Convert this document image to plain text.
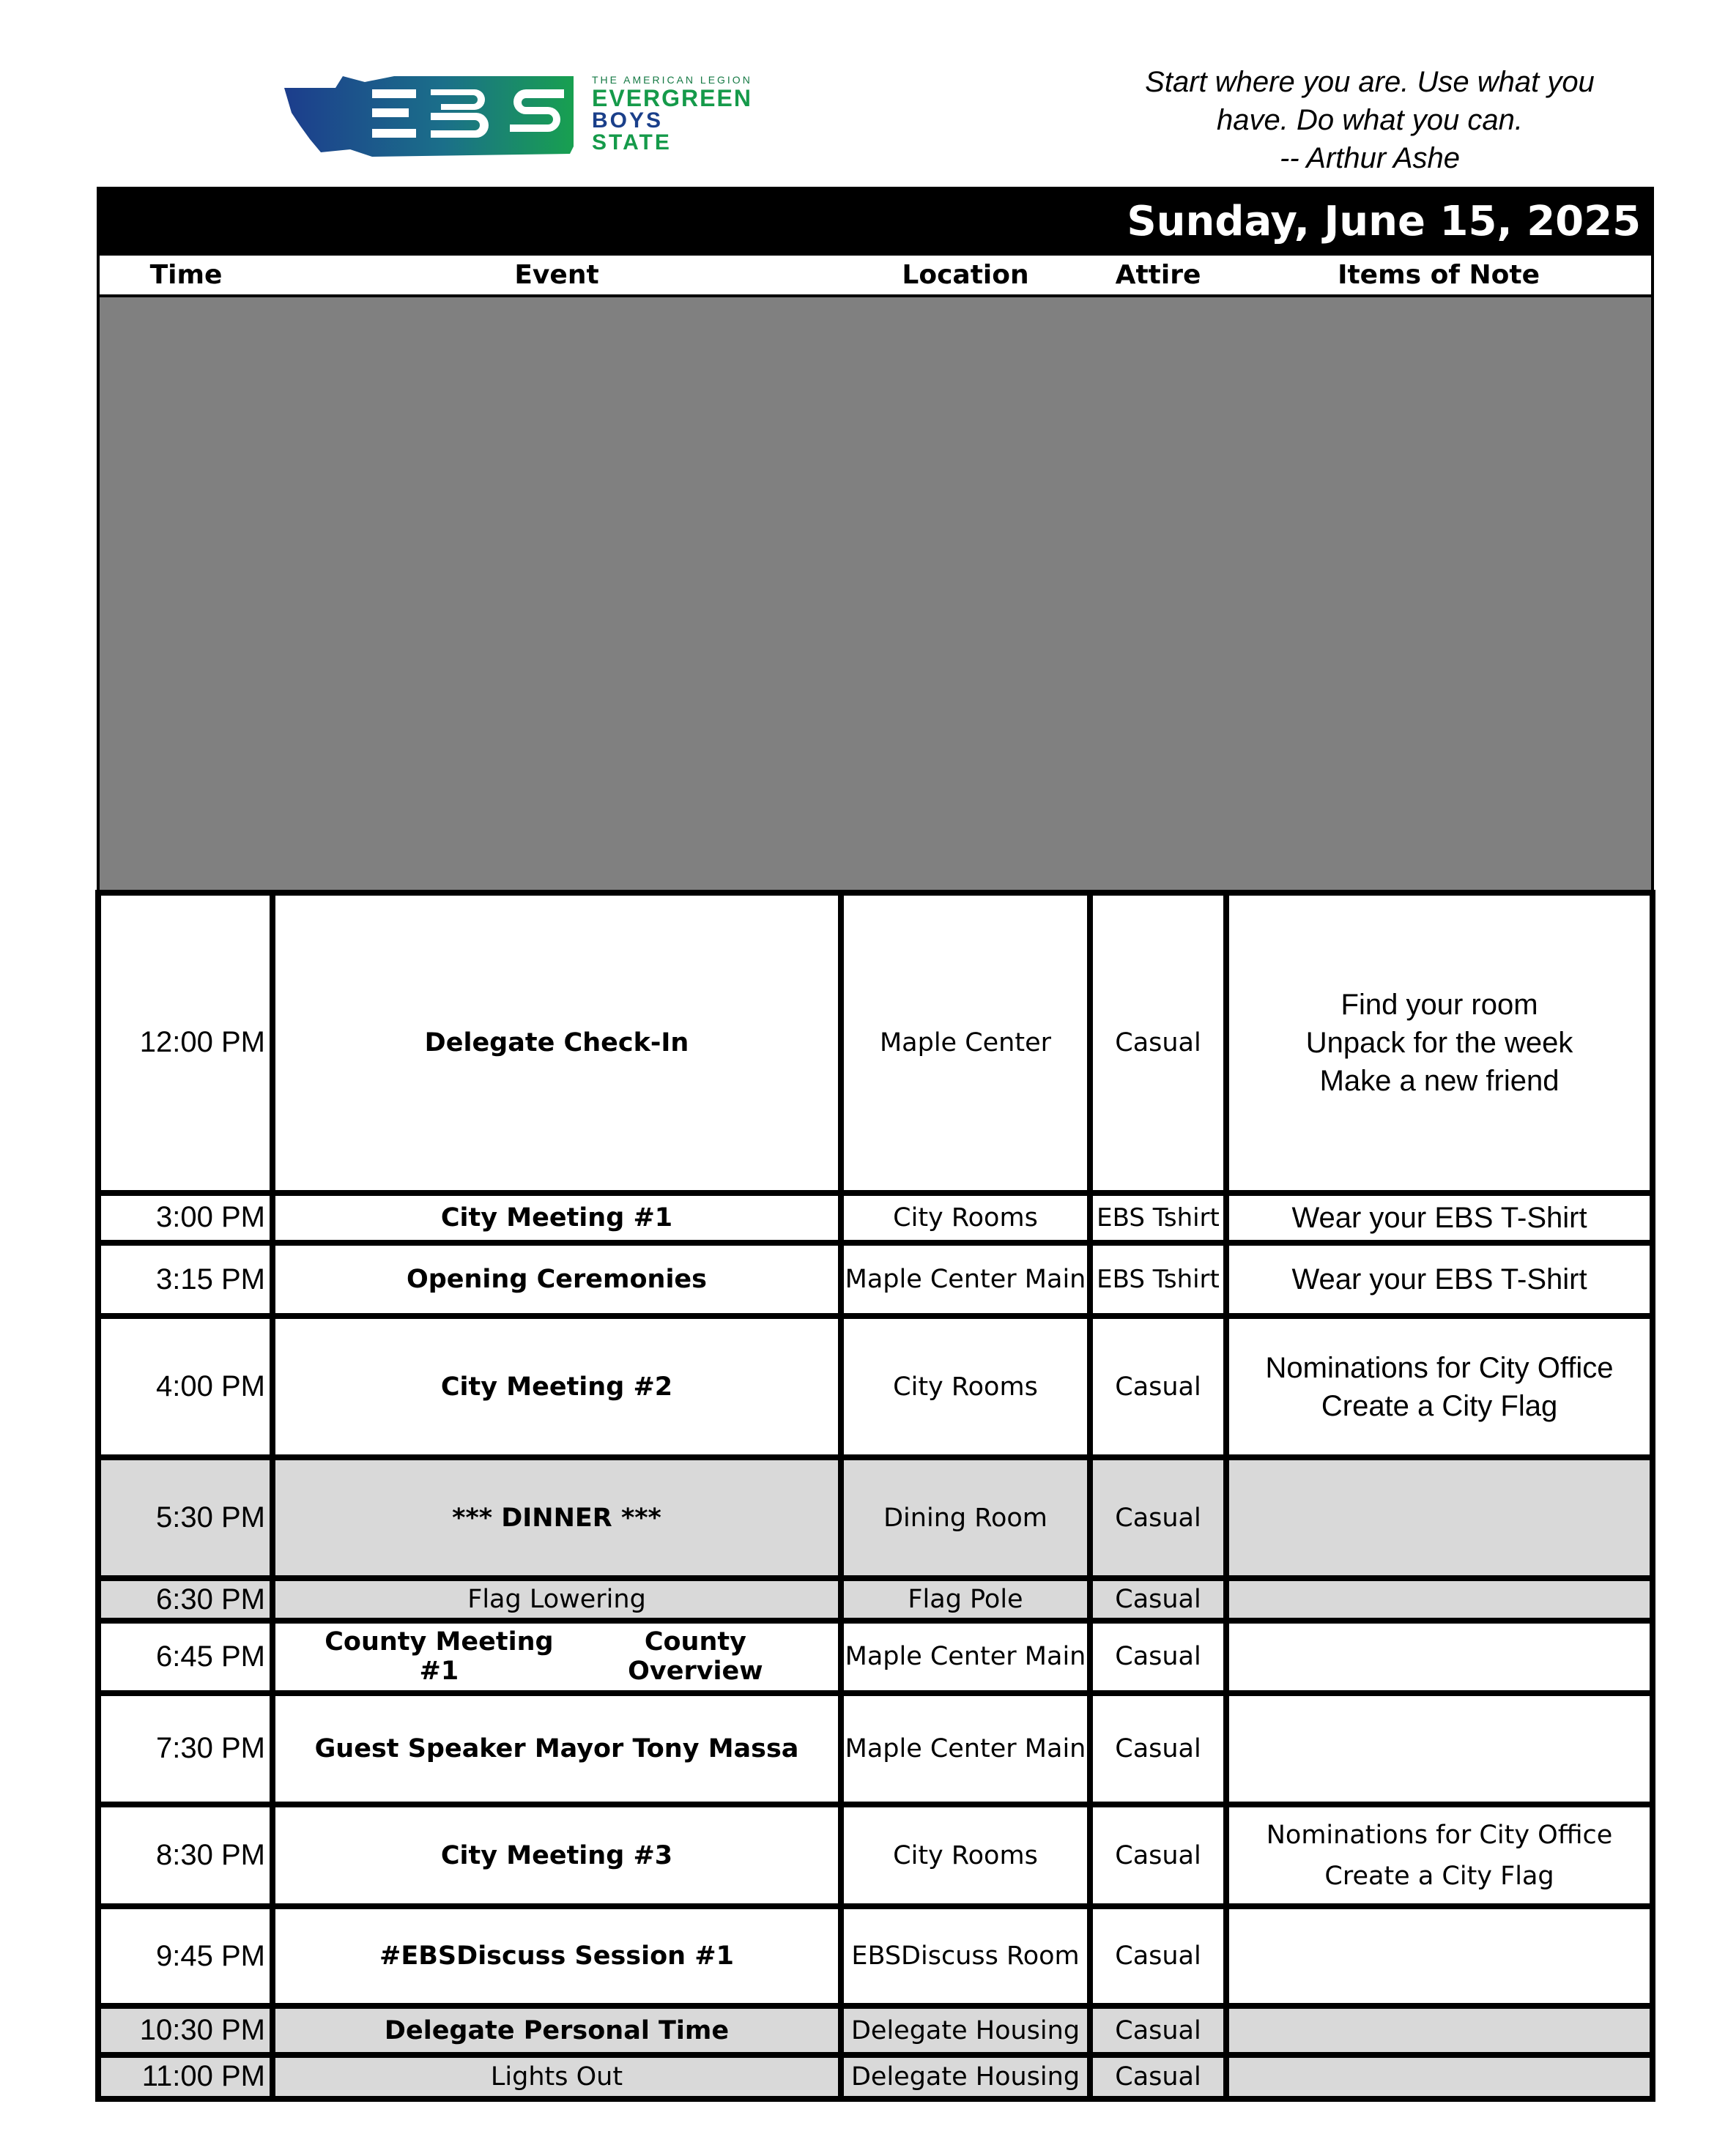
THE AMERICAN LEGION
EVERGREEN
BOYS
STATE
Start where you are. Use what you
have. Do what you can.
-- Arthur Ashe
Sunday, June 15, 2025				
Time	Event	Location	Attire	Items of Note

12:00 PM	Delegate Check-In	Maple Center	Casual	Find your room
Unpack for the week
Make a new friend

3:00 PM	City Meeting #1	City Rooms	EBS Tshirt	Wear your EBS T-Shirt

3:15 PM	Opening Ceremonies	Maple Center Main	EBS Tshirt	Wear your EBS T-Shirt

4:00 PM	City Meeting #2	City Rooms	Casual	Nominations for City Office
Create a City Flag

5:30 PM	*** DINNER ***	Dining Room	Casual	
6:30 PM	Flag Lowering	Flag Pole	Casual	
6:45 PM	County Meeting #1
County Overview	Maple Center Main	Casual	
7:30 PM	Guest Speaker Mayor Tony Massa	Maple Center Main	Casual	
8:30 PM	City Meeting #3	City Rooms	Casual	Nominations for City Office
Create a City Flag

9:45 PM	#EBSDiscuss Session #1	EBSDiscuss Room	Casual	
10:30 PM	Delegate Personal Time	Delegate Housing	Casual	
11:00 PM	Lights Out	Delegate Housing	Casual	
